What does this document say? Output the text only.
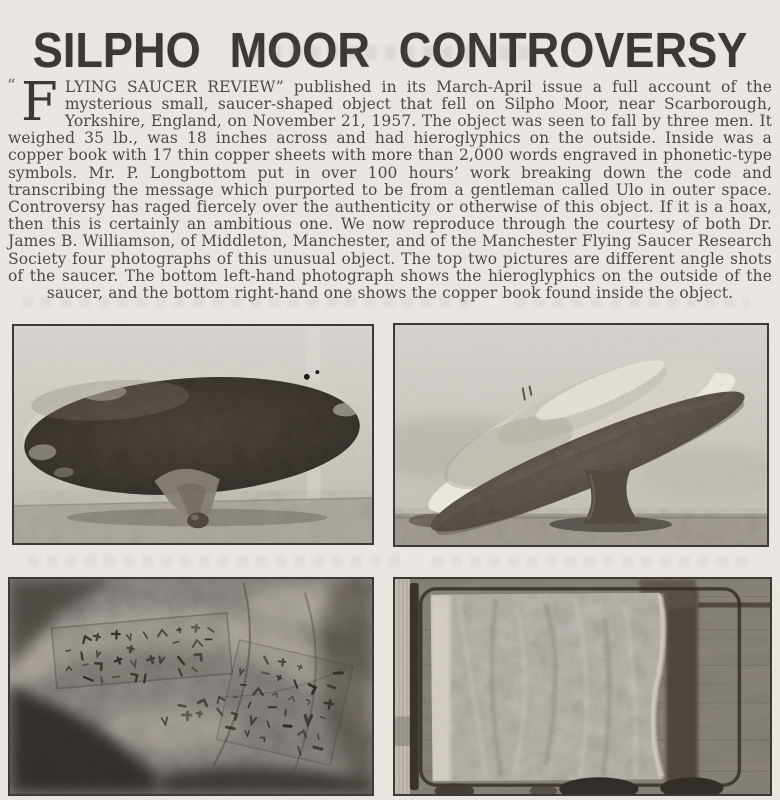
SILPHO MOOR CONTROVERSY

“ F LYING SAUCER REVIEW” published in its March-April issue a full account of the mysterious small, saucer-shaped object that fell on Silpho Moor, near Scarborough, Yorkshire, England, on November 21, 1957. The object was seen to fall by three men. It weighed 35 lb., was 18 inches across and had hieroglyphics on the outside. Inside was a copper book with 17 thin copper sheets with more than 2,000 words engraved in phonetic-type symbols. Mr. P. Longbottom put in over 100 hours’ work breaking down the code and transcribing the message which purported to be from a gentleman called Ulo in outer space. Controversy has raged fiercely over the authenticity or otherwise of this object. If it is a hoax, then this is certainly an ambitious one. We now reproduce through the courtesy of both Dr. James B. Williamson, of Middleton, Manchester, and of the Manchester Flying Saucer Research Society four photographs of this unusual object. The top two pictures are different angle shots of the saucer. The bottom left-hand photograph shows the hieroglyphics on the outside of the saucer, and the bottom right-hand one shows the copper book found inside the object.
